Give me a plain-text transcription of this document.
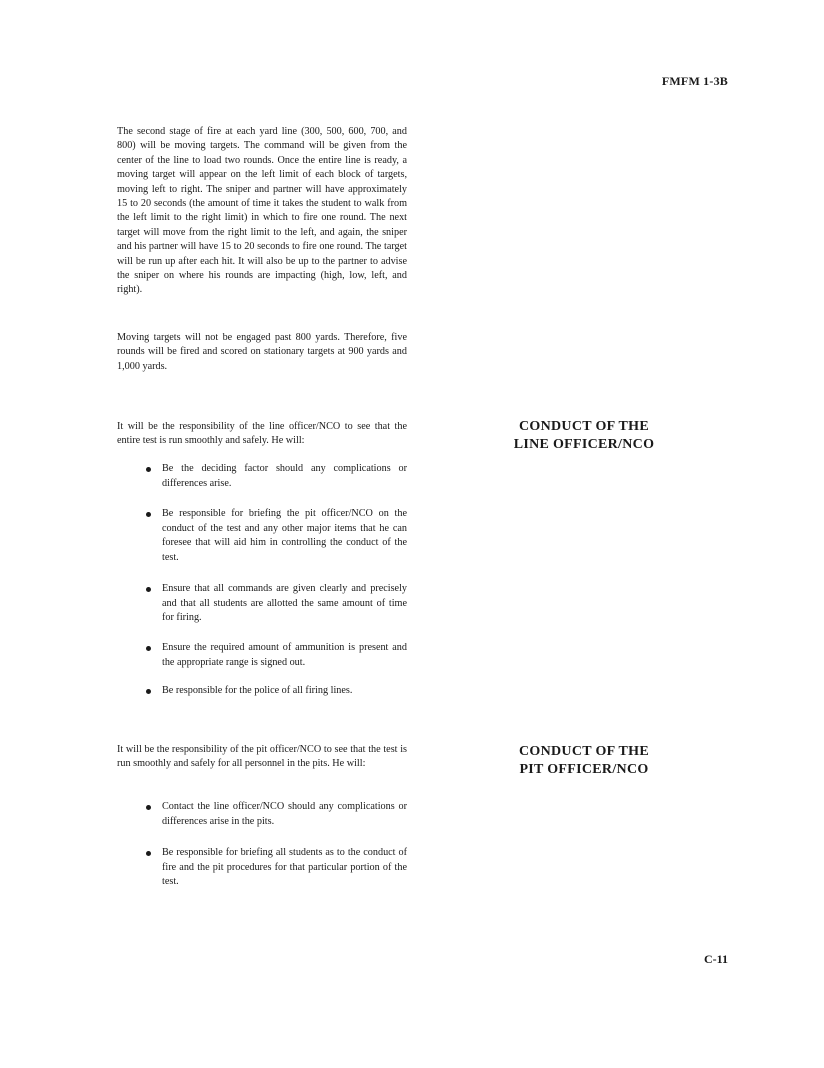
FMFM 1-3B

The second stage of fire at each yard line (300, 500, 600, 700, and 800) will be moving targets. The command will be given from the center of the line to load two rounds. Once the entire line is ready, a moving target will appear on the left limit of each block of targets, moving left to right. The sniper and partner will have approximately 15 to 20 seconds (the amount of time it takes the student to walk from the left limit to the right limit) in which to fire one round. The next target will move from the right limit to the left, and again, the sniper and his partner will have 15 to 20 seconds to fire one round. The target will be run up after each hit. It will also be up to the partner to advise the sniper on where his rounds are impacting (high, low, left, and right).

Moving targets will not be engaged past 800 yards. Therefore, five rounds will be fired and scored on stationary targets at 900 yards and 1,000 yards.

CONDUCT OF THE
LINE OFFICER/NCO

It will be the responsibility of the line officer/NCO to see that the entire test is run smoothly and safely. He will:

Be the deciding factor should any complications or differences arise.
Be responsible for briefing the pit officer/NCO on the conduct of the test and any other major items that he can foresee that will aid him in controlling the conduct of the test.
Ensure that all commands are given clearly and precisely and that all students are allotted the same amount of time for firing.
Ensure the required amount of ammunition is present and the appropriate range is signed out.
Be responsible for the police of all firing lines.
CONDUCT OF THE
PIT OFFICER/NCO

It will be the responsibility of the pit officer/NCO to see that the test is run smoothly and safely for all personnel in the pits. He will:

Contact the line officer/NCO should any complications or differences arise in the pits.
Be responsible for briefing all students as to the conduct of fire and the pit procedures for that particular portion of the test.
C-11
